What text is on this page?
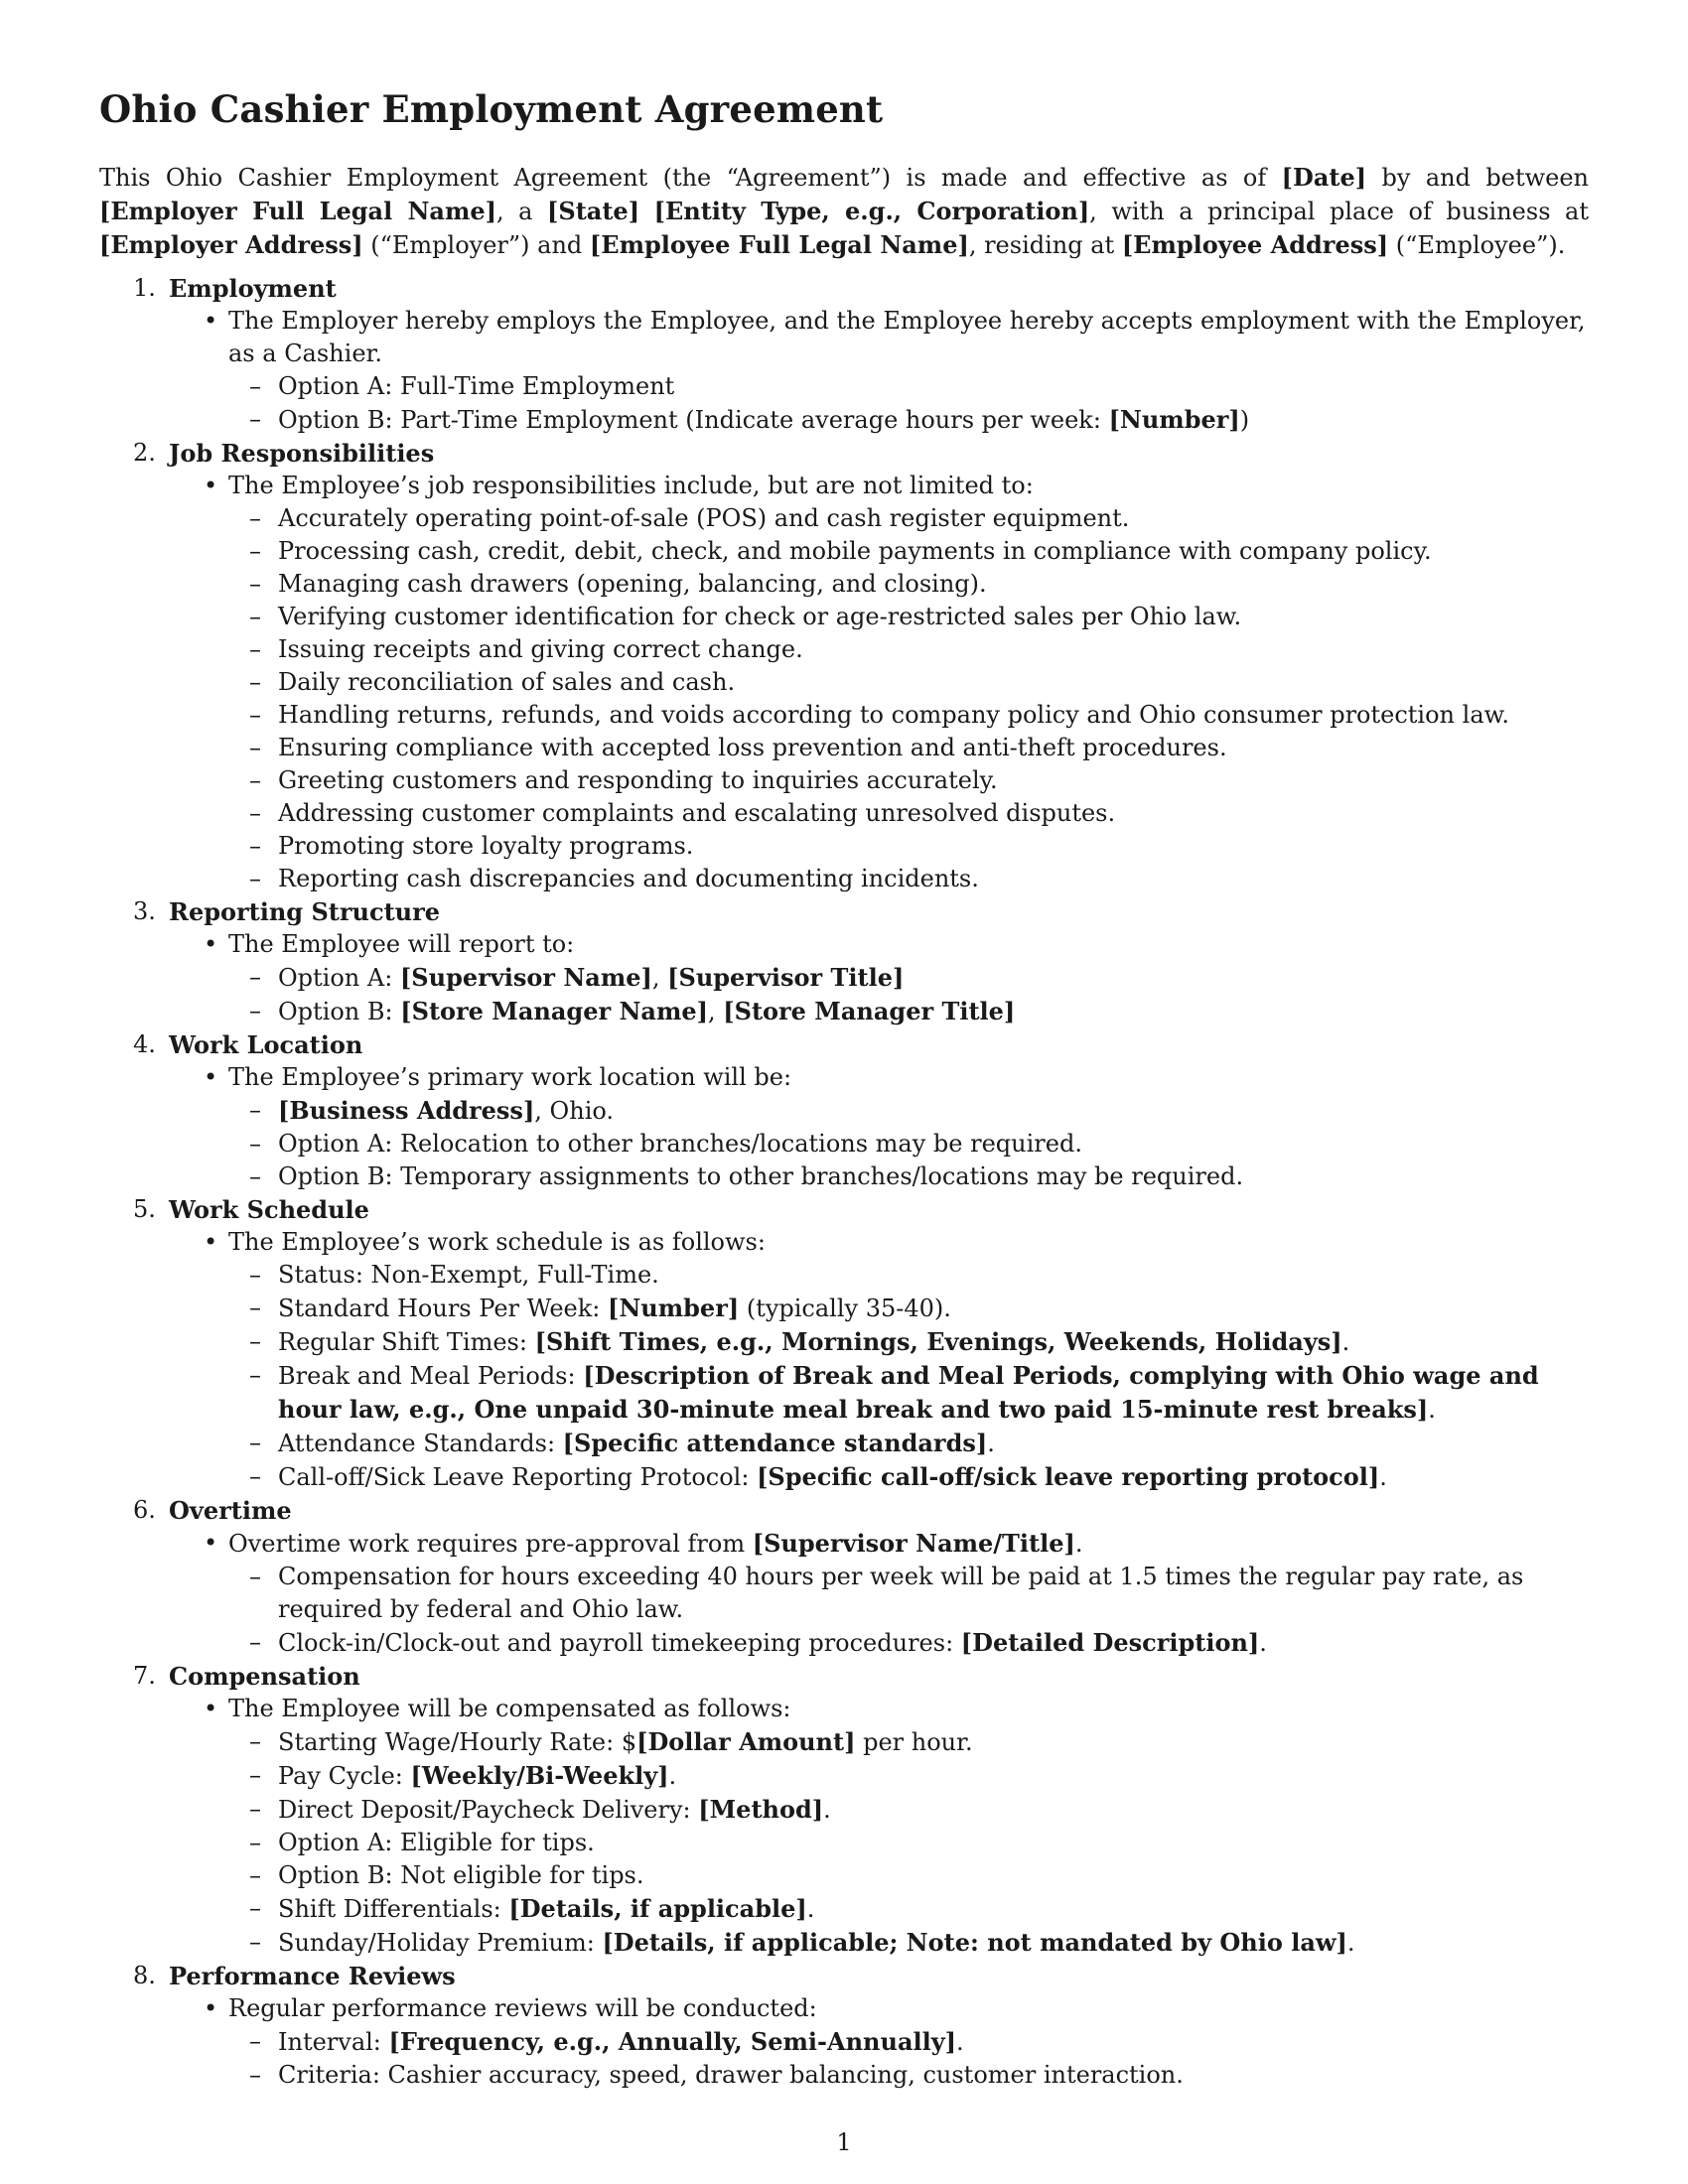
Ohio Cashier Employment Agreement

This Ohio Cashier Employment Agreement (the “Agreement”) is made and effective as of [Date] by and between [Employer Full Legal Name], a [State] [Entity Type, e.g., Corporation], with a principal place of business at [Employer Address] (“Employer”) and [Employee Full Legal Name], residing at [Employee Address] (“Employee”).

1. Employment
• The Employer hereby employs the Employee, and the Employee hereby accepts employment with the Employer, as a Cashier.
– Option A: Full-Time Employment
– Option B: Part-Time Employment (Indicate average hours per week: [Number])
2. Job Responsibilities
• The Employee’s job responsibilities include, but are not limited to:
– Accurately operating point-of-sale (POS) and cash register equipment.
– Processing cash, credit, debit, check, and mobile payments in compliance with company policy.
– Managing cash drawers (opening, balancing, and closing).
– Verifying customer identification for check or age-restricted sales per Ohio law.
– Issuing receipts and giving correct change.
– Daily reconciliation of sales and cash.
– Handling returns, refunds, and voids according to company policy and Ohio consumer protection law.
– Ensuring compliance with accepted loss prevention and anti-theft procedures.
– Greeting customers and responding to inquiries accurately.
– Addressing customer complaints and escalating unresolved disputes.
– Promoting store loyalty programs.
– Reporting cash discrepancies and documenting incidents.
3. Reporting Structure
• The Employee will report to:
– Option A: [Supervisor Name], [Supervisor Title]
– Option B: [Store Manager Name], [Store Manager Title]
4. Work Location
• The Employee’s primary work location will be:
– [Business Address], Ohio.
– Option A: Relocation to other branches/locations may be required.
– Option B: Temporary assignments to other branches/locations may be required.
5. Work Schedule
• The Employee’s work schedule is as follows:
– Status: Non-Exempt, Full-Time.
– Standard Hours Per Week: [Number] (typically 35-40).
– Regular Shift Times: [Shift Times, e.g., Mornings, Evenings, Weekends, Holidays].
– Break and Meal Periods: [Description of Break and Meal Periods, complying with Ohio wage and hour law, e.g., One unpaid 30-minute meal break and two paid 15-minute rest breaks].
– Attendance Standards: [Specific attendance standards].
– Call-off/Sick Leave Reporting Protocol: [Specific call-off/sick leave reporting protocol].
6. Overtime
• Overtime work requires pre-approval from [Supervisor Name/Title].
– Compensation for hours exceeding 40 hours per week will be paid at 1.5 times the regular pay rate, as required by federal and Ohio law.
– Clock-in/Clock-out and payroll timekeeping procedures: [Detailed Description].
7. Compensation
• The Employee will be compensated as follows:
– Starting Wage/Hourly Rate: $[Dollar Amount] per hour.
– Pay Cycle: [Weekly/Bi-Weekly].
– Direct Deposit/Paycheck Delivery: [Method].
– Option A: Eligible for tips.
– Option B: Not eligible for tips.
– Shift Differentials: [Details, if applicable].
– Sunday/Holiday Premium: [Details, if applicable; Note: not mandated by Ohio law].
8. Performance Reviews
• Regular performance reviews will be conducted:
– Interval: [Frequency, e.g., Annually, Semi-Annually].
– Criteria: Cashier accuracy, speed, drawer balancing, customer interaction.
1
